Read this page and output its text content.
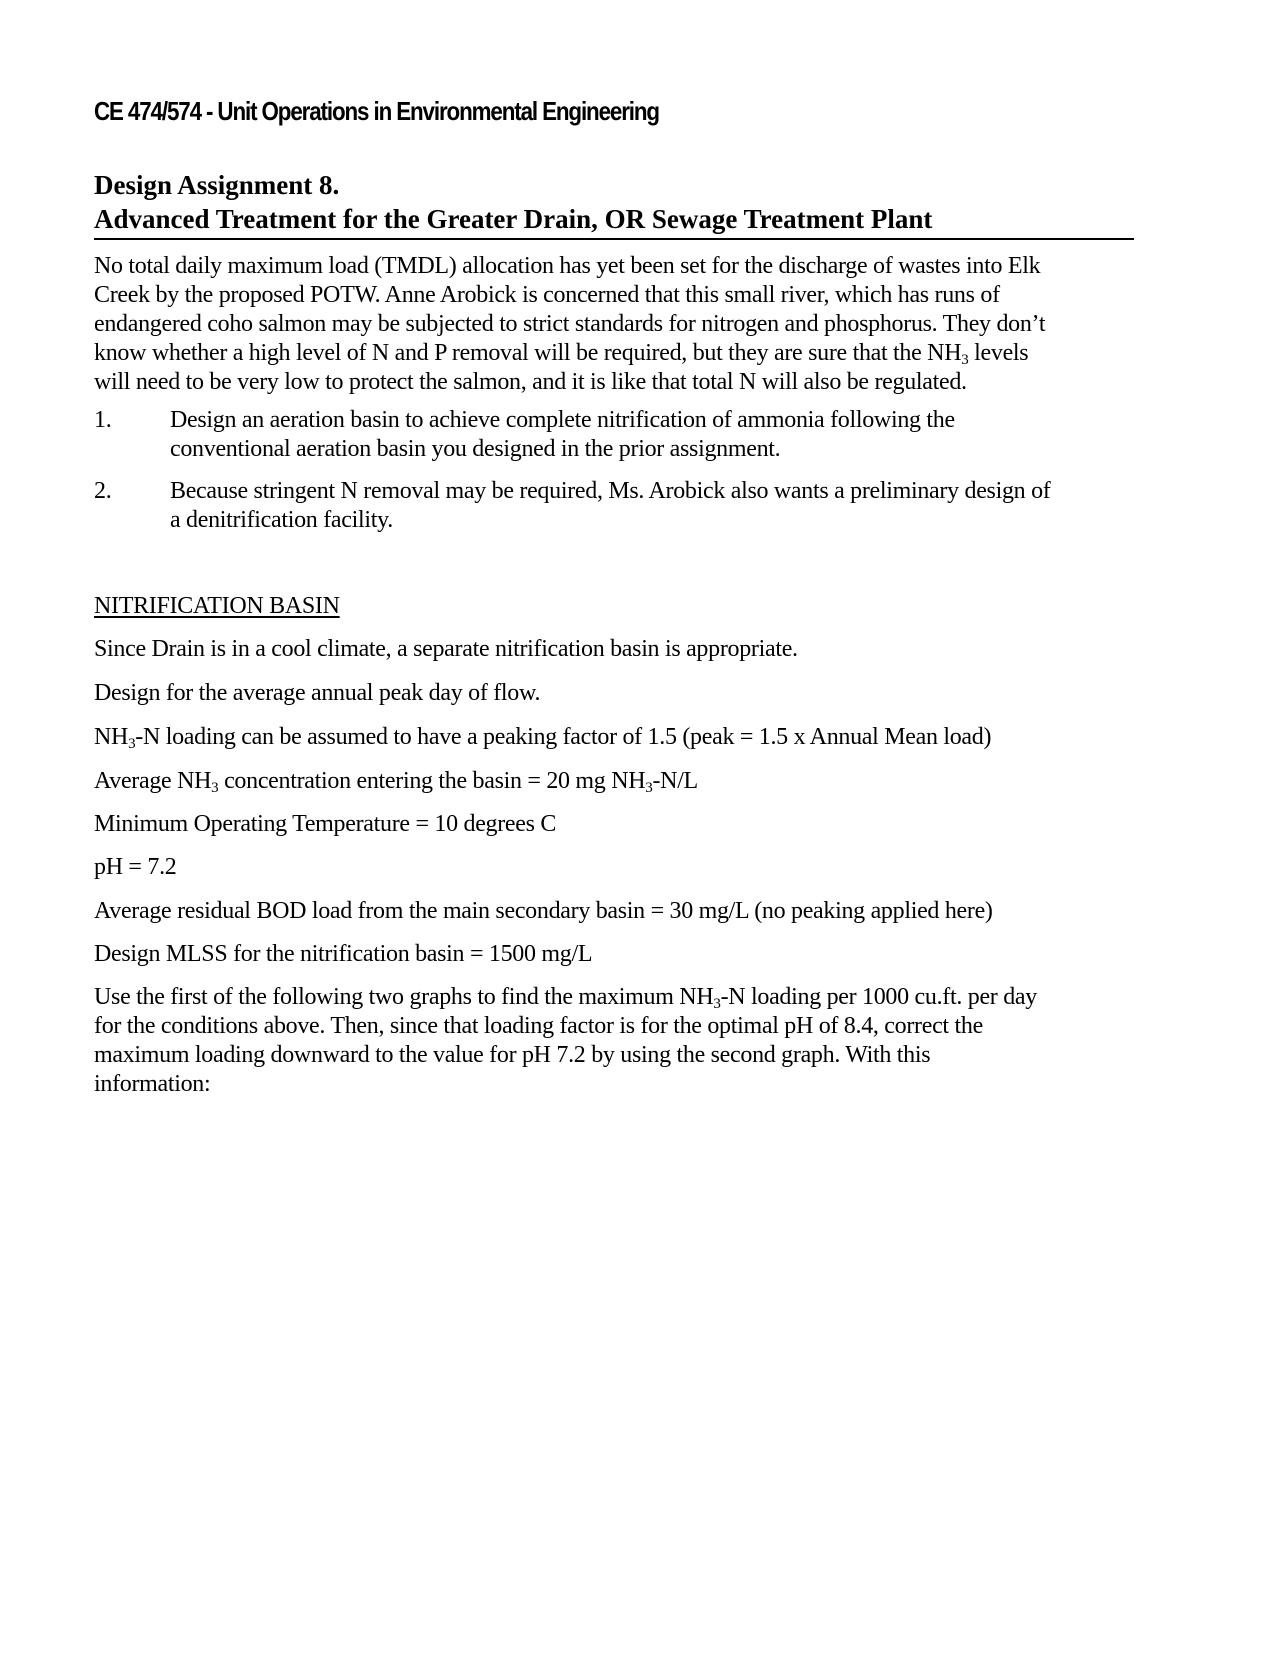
CE 474/574 - Unit Operations in Environmental Engineering
Design Assignment 8.
Advanced Treatment for the Greater Drain, OR Sewage Treatment Plant
No total daily maximum load (TMDL) allocation has yet been set for the discharge of wastes into Elk
Creek by the proposed POTW. Anne Arobick is concerned that this small river, which has runs of
endangered coho salmon may be subjected to strict standards for nitrogen and phosphorus. They don’t
know whether a high level of N and P removal will be required, but they are sure that the $NH_3$ levels
will need to be very low to protect the salmon, and it is like that total N will also be regulated.
1. Design an aeration basin to achieve complete nitrification of ammonia following the
conventional aeration basin you designed in the prior assignment.
2. Because stringent N removal may be required, Ms. Arobick also wants a preliminary design of
a denitrification facility.
NITRIFICATION BASIN
Since Drain is in a cool climate, a separate nitrification basin is appropriate.
Design for the average annual peak day of flow.
$NH_3-N$ loading can be assumed to have a peaking factor of 1.5 (peak = 1.5 x Annual Mean load)
Average $NH_3$ concentration entering the basin = 20 mg $NH_3-N/L$
Minimum Operating Temperature = 10 degrees C
pH = 7.2
Average residual BOD load from the main secondary basin = 30 mg/L (no peaking applied here)
Design MLSS for the nitrification basin = 1500 mg/L
Use the first of the following two graphs to find the maximum $NH_3-N$ loading per 1000 cu.ft. per day
for the conditions above. Then, since that loading factor is for the optimal pH of 8.4, correct the
maximum loading downward to the value for pH 7.2 by using the second graph. With this
information:
